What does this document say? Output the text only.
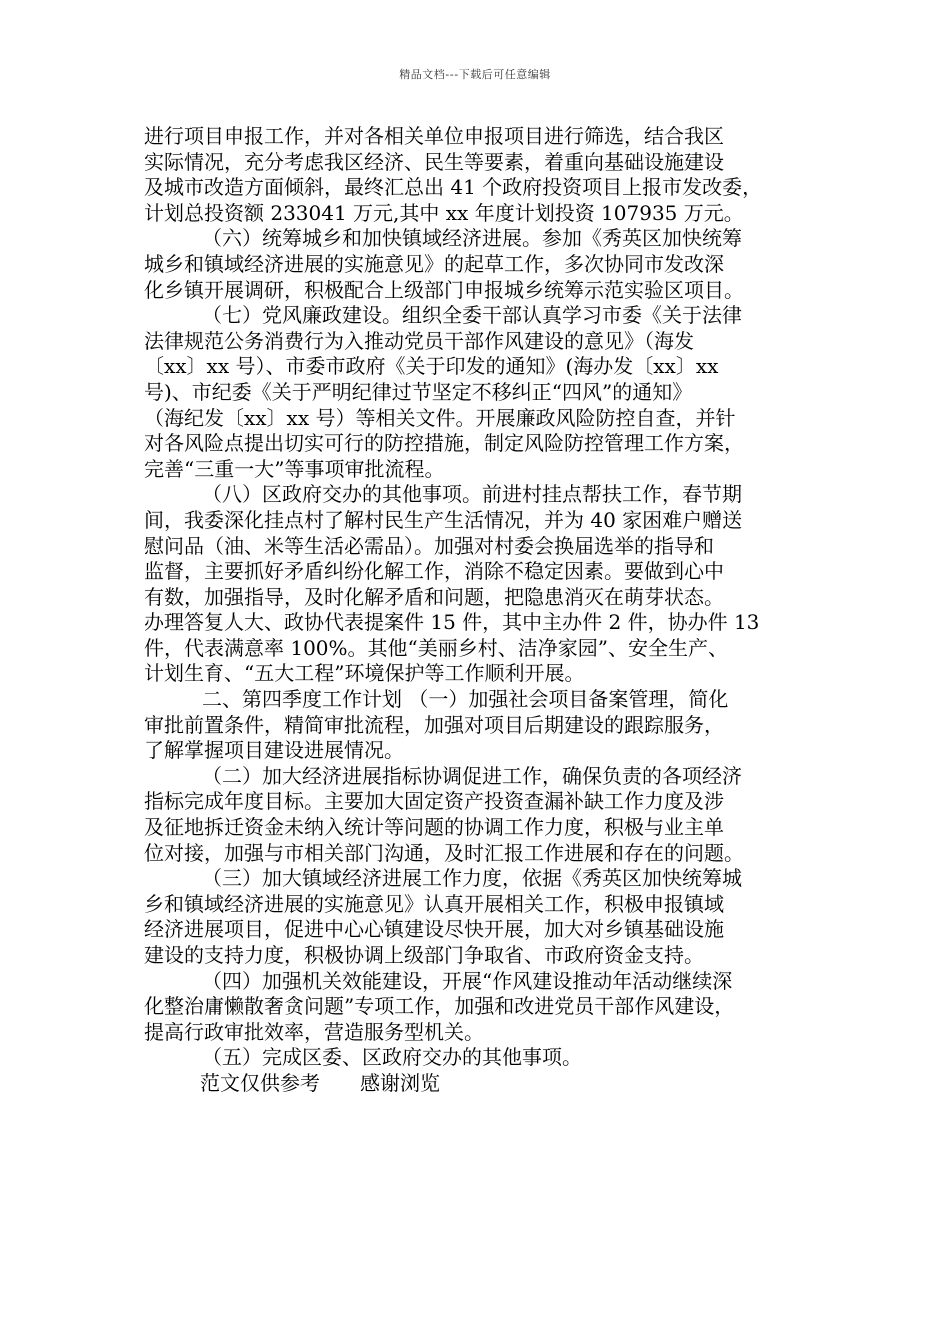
精品文档---下载后可任意编辑
进行项目申报工作，并对各相关单位申报项目进行筛选，结合我区
实际情况，充分考虑我区经济、民生等要素，着重向基础设施建设
及城市改造方面倾斜，最终汇总出 41 个政府投资项目上报市发改委，
计划总投资额 233041 万元,其中 xx 年度计划投资 107935 万元。
（六）统筹城乡和加快镇域经济进展。参加《秀英区加快统筹
城乡和镇域经济进展的实施意见》的起草工作，多次协同市发改深
化乡镇开展调研，积极配合上级部门申报城乡统筹示范实验区项目。
（七）党风廉政建设。组织全委干部认真学习市委《关于法律
法律规范公务消费行为入推动党员干部作风建设的意见》（海发
〔xx〕xx 号）、市委市政府《关于印发的通知》(海办发〔xx〕xx
号)、市纪委《关于严明纪律过节坚定不移纠正“四风”的通知》
（海纪发〔xx〕xx 号）等相关文件。开展廉政风险防控自查，并针
对各风险点提出切实可行的防控措施，制定风险防控管理工作方案，
完善“三重一大”等事项审批流程。
（八）区政府交办的其他事项。前进村挂点帮扶工作，春节期
间，我委深化挂点村了解村民生产生活情况，并为 40 家困难户赠送
慰问品（油、米等生活必需品）。加强对村委会换届选举的指导和
监督，主要抓好矛盾纠纷化解工作，消除不稳定因素。要做到心中
有数，加强指导，及时化解矛盾和问题，把隐患消灭在萌芽状态。
办理答复人大、政协代表提案件 15 件，其中主办件 2 件，协办件 13
件，代表满意率 100%。其他“美丽乡村、洁净家园”、安全生产、
计划生育、“五大工程”环境保护等工作顺利开展。
二、第四季度工作计划 （一）加强社会项目备案管理，简化
审批前置条件，精简审批流程，加强对项目后期建设的跟踪服务，
了解掌握项目建设进展情况。
（二）加大经济进展指标协调促进工作，确保负责的各项经济
指标完成年度目标。主要加大固定资产投资查漏补缺工作力度及涉
及征地拆迁资金未纳入统计等问题的协调工作力度，积极与业主单
位对接，加强与市相关部门沟通，及时汇报工作进展和存在的问题。
（三）加大镇域经济进展工作力度，依据《秀英区加快统筹城
乡和镇域经济进展的实施意见》认真开展相关工作，积极申报镇域
经济进展项目，促进中心心镇建设尽快开展，加大对乡镇基础设施
建设的支持力度，积极协调上级部门争取省、市政府资金支持。
（四）加强机关效能建设，开展“作风建设推动年活动继续深
化整治庸懒散奢贪问题”专项工作，加强和改进党员干部作风建设，
提高行政审批效率，营造服务型机关。
（五）完成区委、区政府交办的其他事项。
范文仅供参考　　感谢浏览
